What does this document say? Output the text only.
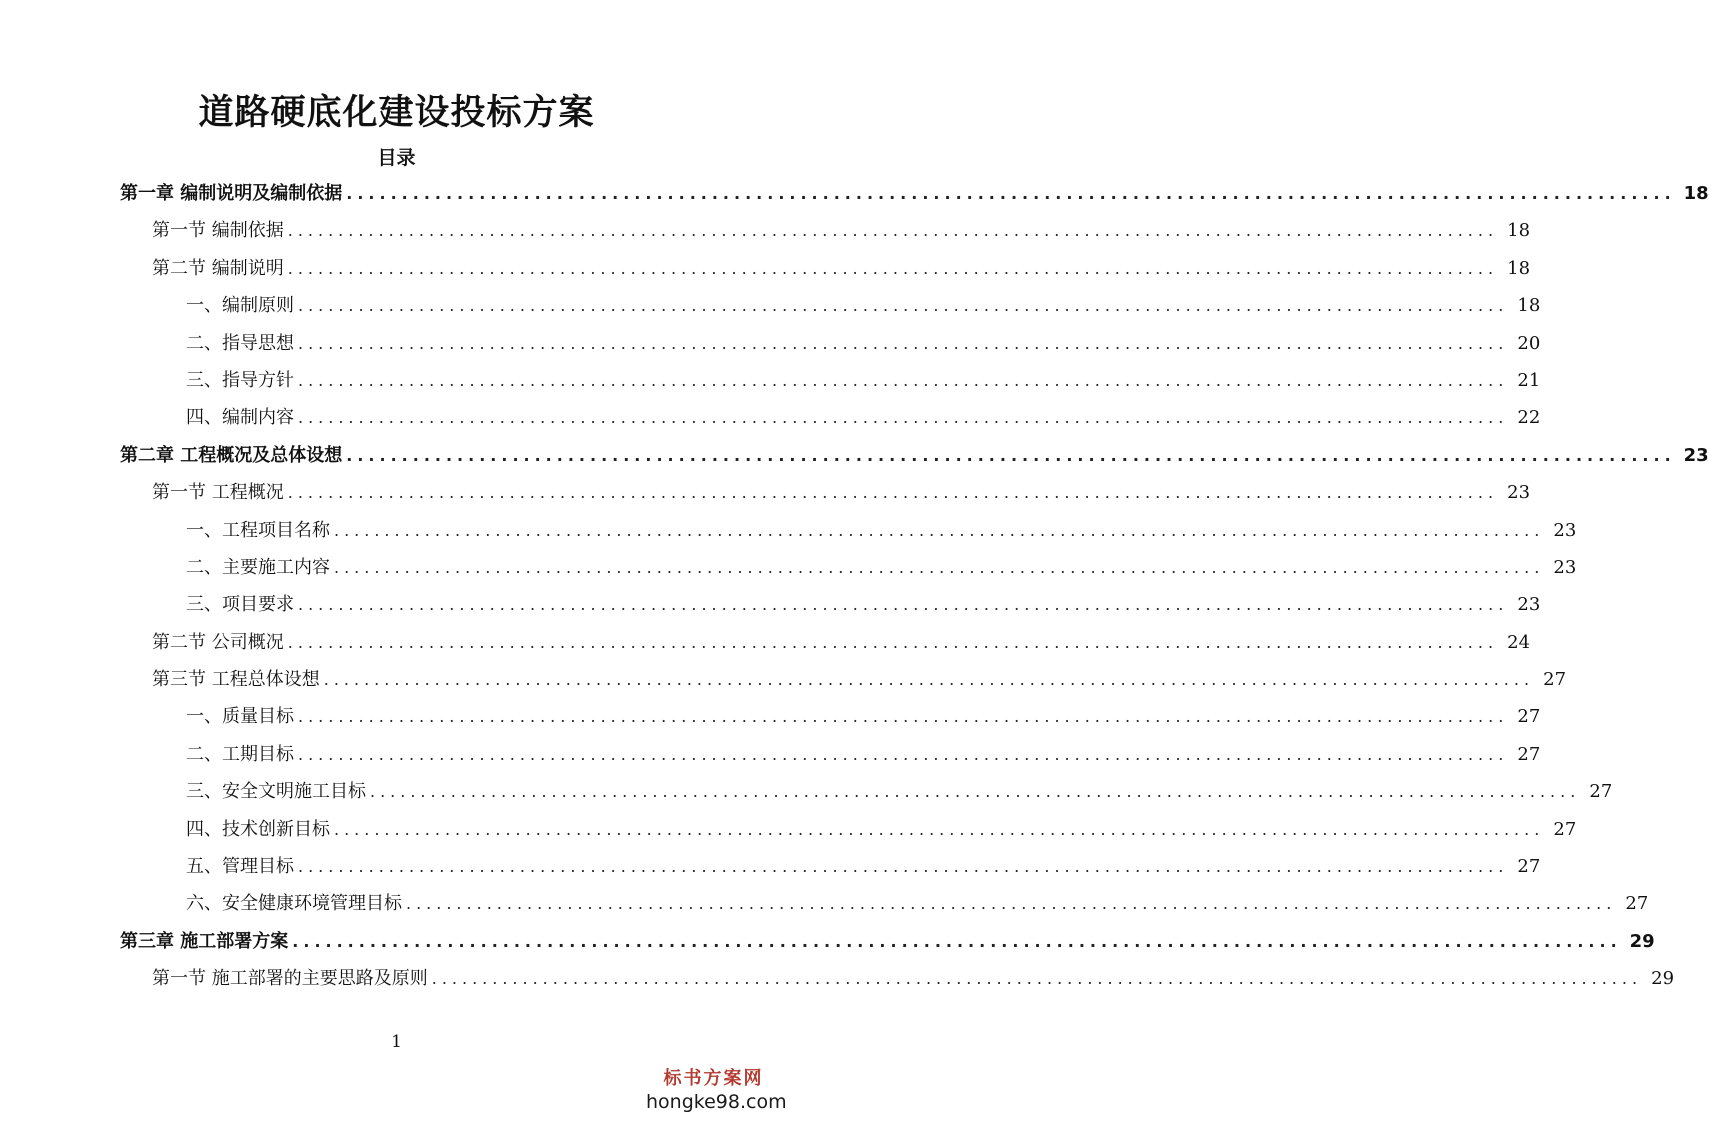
道路硬底化建设投标方案
目录
第一章 编制说明及编制依据 ........................................................................................................................ 18
第一节 编制依据 ........................................................................................................................ 18
第二节 编制说明 ........................................................................................................................ 18
一、编制原则 ........................................................................................................................ 18
二、指导思想 ........................................................................................................................ 20
三、指导方针 ........................................................................................................................ 21
四、编制内容 ........................................................................................................................ 22
第二章 工程概况及总体设想 ........................................................................................................................ 23
第一节 工程概况 ........................................................................................................................ 23
一、工程项目名称 ........................................................................................................................ 23
二、主要施工内容 ........................................................................................................................ 23
三、项目要求 ........................................................................................................................ 23
第二节 公司概况 ........................................................................................................................ 24
第三节 工程总体设想 ........................................................................................................................ 27
一、质量目标 ........................................................................................................................ 27
二、工期目标 ........................................................................................................................ 27
三、安全文明施工目标 ........................................................................................................................ 27
四、技术创新目标 ........................................................................................................................ 27
五、管理目标 ........................................................................................................................ 27
六、安全健康环境管理目标 ........................................................................................................................ 27
第三章 施工部署方案 ........................................................................................................................ 29
第一节 施工部署的主要思路及原则 ........................................................................................................................ 29
1
标书方案网
hongke98.com
